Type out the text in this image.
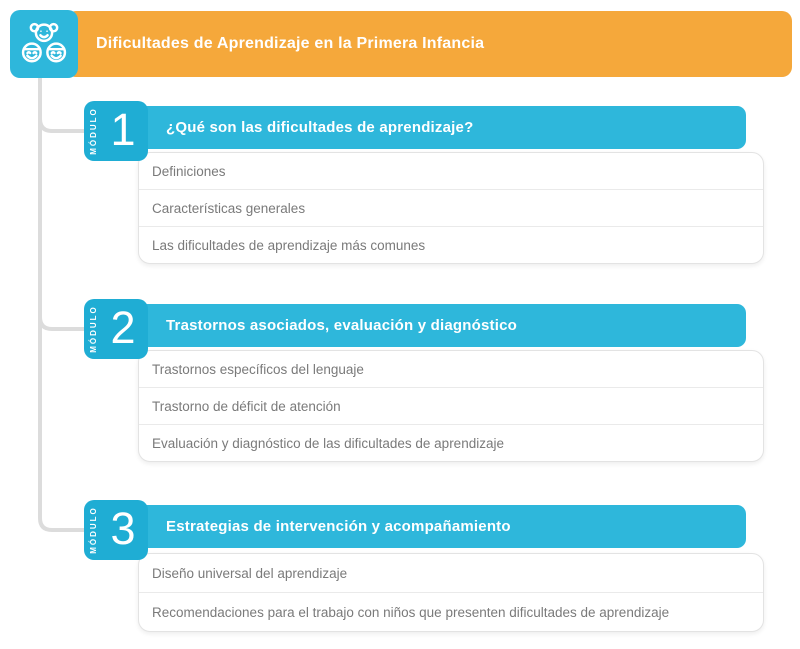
Dificultades de Aprendizaje en la Primera Infancia
¿Qué son las dificultades de aprendizaje?
MÓDULO 1
Definiciones
Características generales
Las dificultades de aprendizaje más comunes
Trastornos asociados, evaluación y diagnóstico
MÓDULO 2
Trastornos específicos del lenguaje
Trastorno de déficit de atención
Evaluación y diagnóstico de las dificultades de aprendizaje
Estrategias de intervención y acompañamiento
MÓDULO 3
Diseño universal del aprendizaje
Recomendaciones para el trabajo con niños que presenten dificultades de aprendizaje
